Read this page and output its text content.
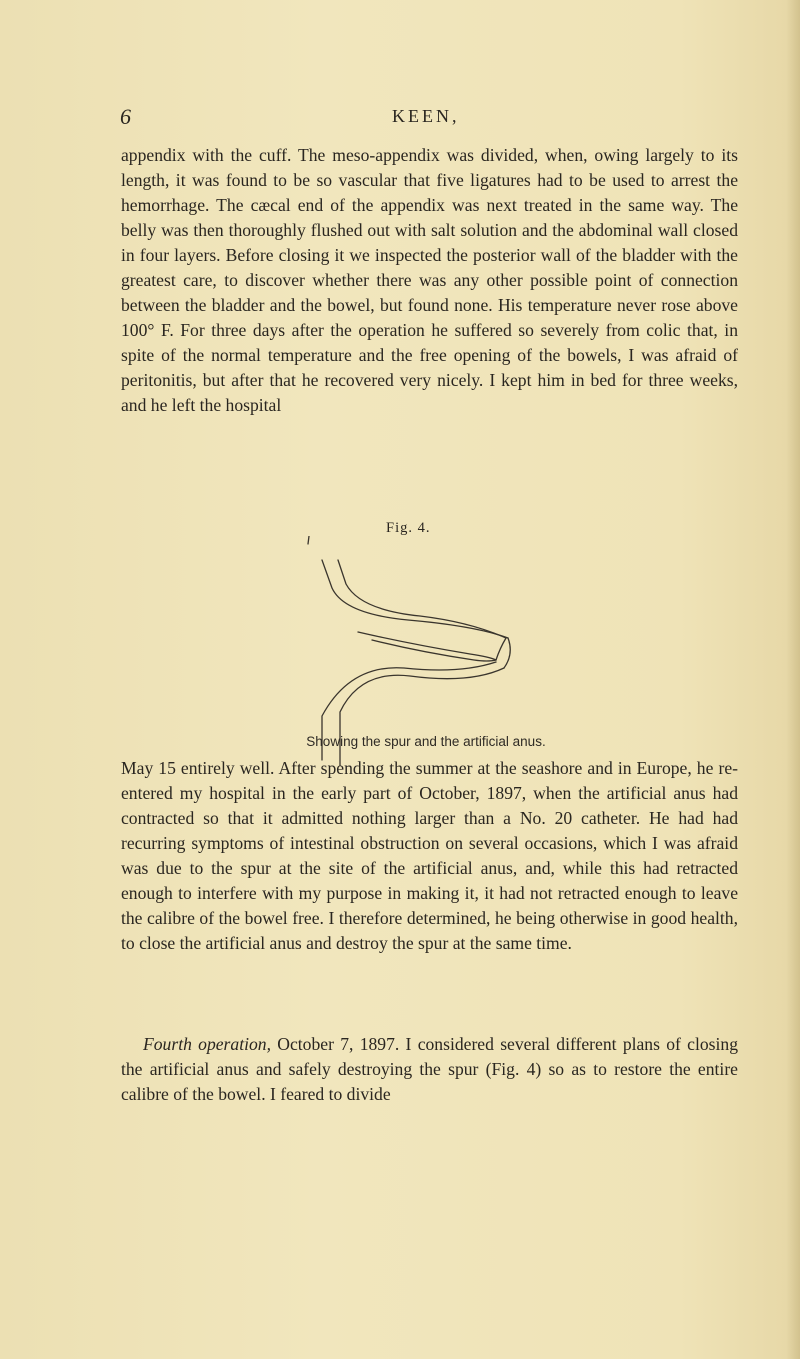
6	KEEN,

appendix with the cuff. The meso-appendix was divided, when, owing largely to its length, it was found to be so vascular that five ligatures had to be used to arrest the hemorrhage. The cæcal end of the appendix was next treated in the same way. The belly was then thoroughly flushed out with salt solution and the abdominal wall closed in four layers. Before closing it we inspected the posterior wall of the bladder with the greatest care, to discover whether there was any other possible point of connection between the bladder and the bowel, but found none. His temperature never rose above 100° F. For three days after the operation he suffered so severely from colic that, in spite of the normal temperature and the free opening of the bowels, I was afraid of peritonitis, but after that he recovered very nicely. I kept him in bed for three weeks, and he left the hospital

Fig. 4.
Showing the spur and the artificial anus.

May 15 entirely well. After spending the summer at the seashore and in Europe, he re-entered my hospital in the early part of October, 1897, when the artificial anus had contracted so that it admitted nothing larger than a No. 20 catheter. He had had recurring symptoms of intestinal obstruction on several occasions, which I was afraid was due to the spur at the site of the artificial anus, and, while this had retracted enough to interfere with my purpose in making it, it had not retracted enough to leave the calibre of the bowel free. I therefore determined, he being otherwise in good health, to close the artificial anus and destroy the spur at the same time.

Fourth operation, October 7, 1897. I considered several different plans of closing the artificial anus and safely destroying the spur (Fig. 4) so as to restore the entire calibre of the bowel. I feared to divide
